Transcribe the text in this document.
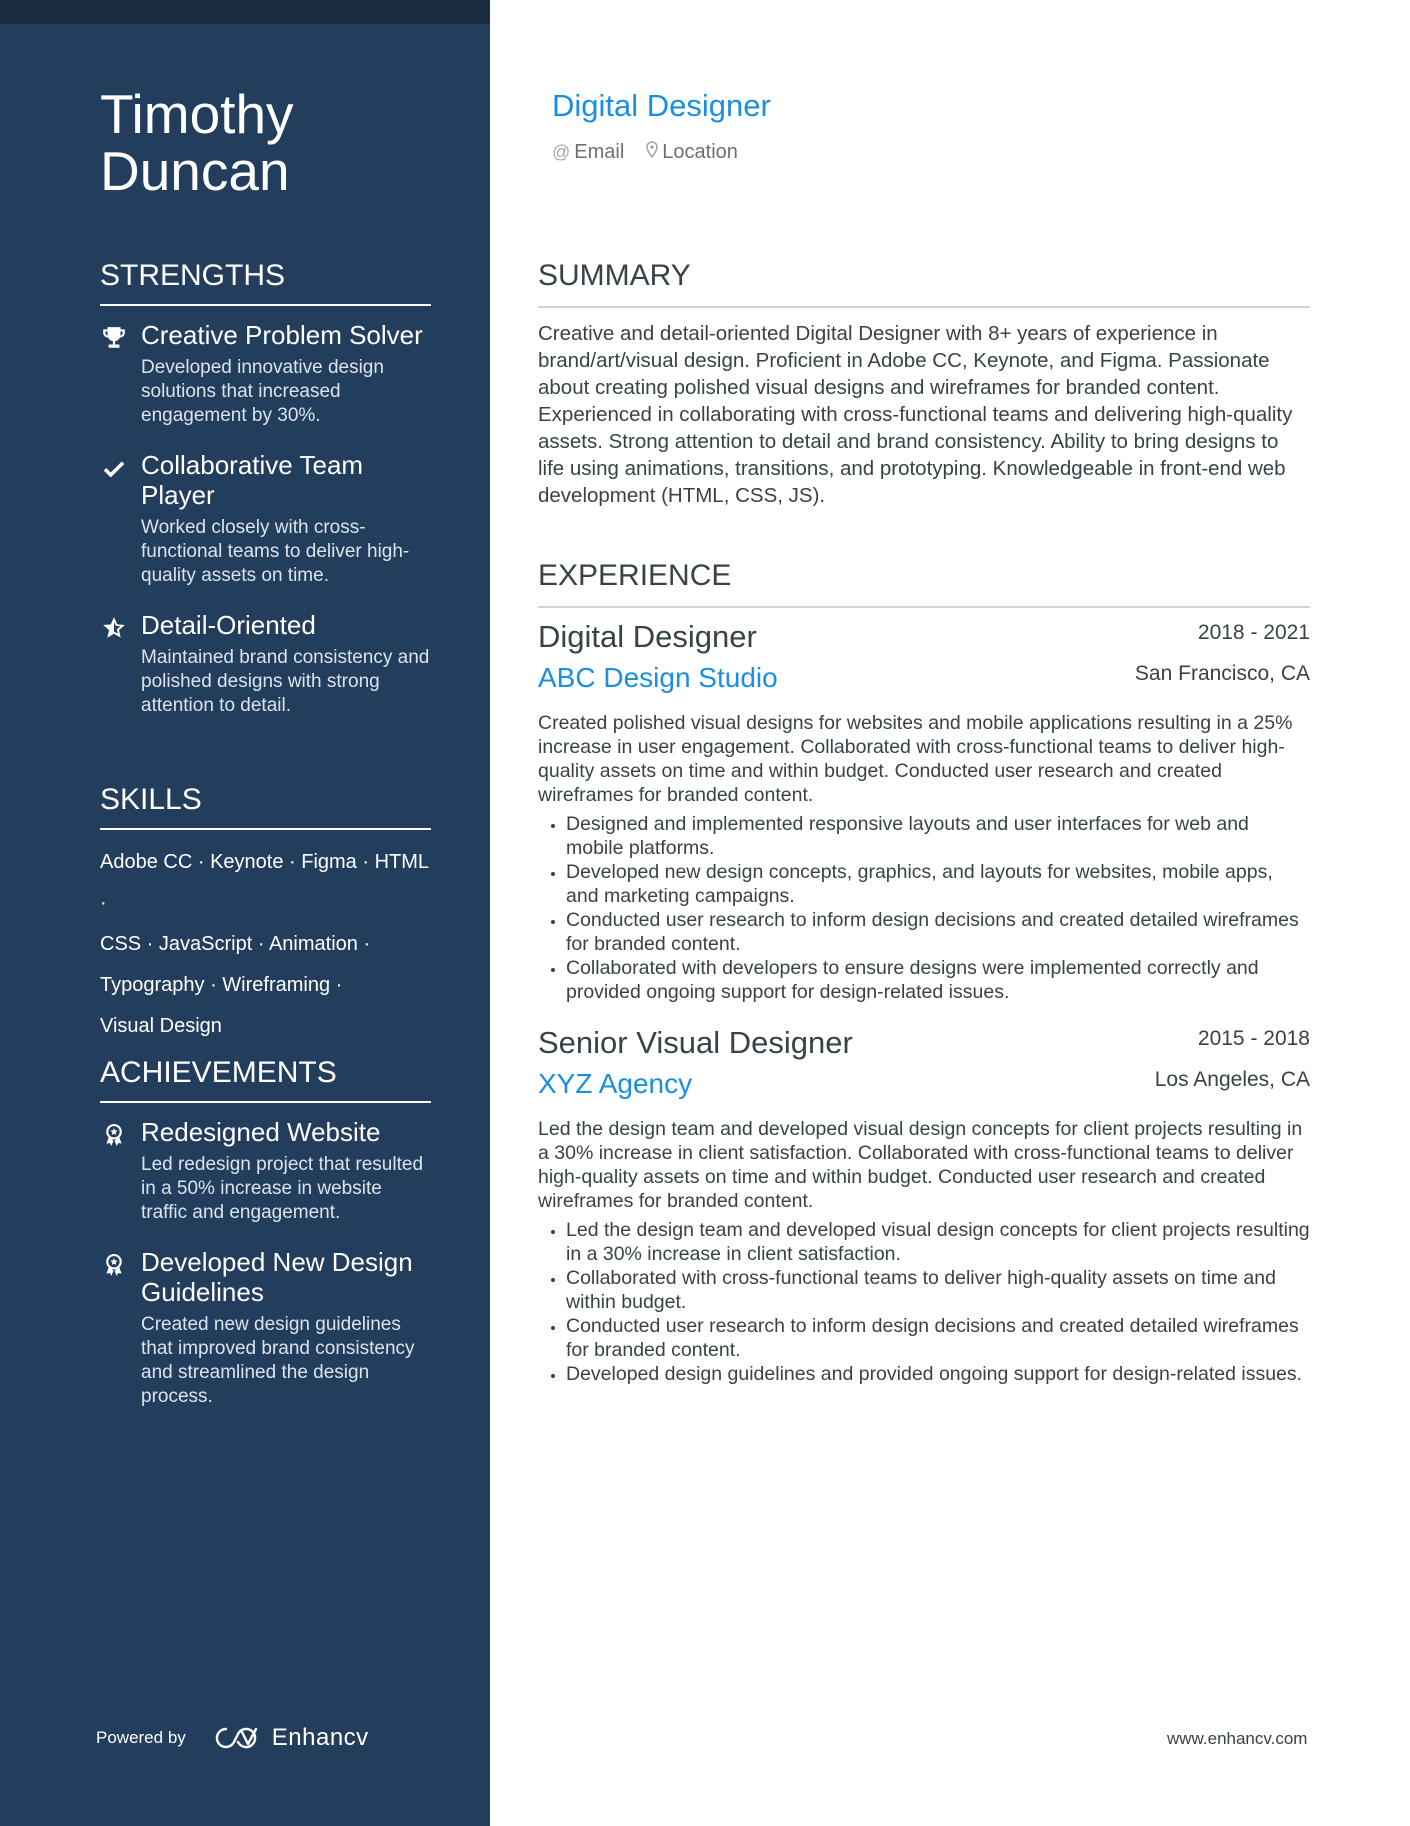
Timothy
Duncan
STRENGTHS
Creative Problem Solver
Developed innovative design solutions that increased engagement by 30%.
Collaborative Team Player
Worked closely with cross-functional teams to deliver high-quality assets on time.
Detail-Oriented
Maintained brand consistency and polished designs with strong attention to detail.
SKILLS
Adobe CC · Keynote · Figma · HTML ·
CSS · JavaScript · Animation ·
Typography · Wireframing ·
Visual Design
ACHIEVEMENTS
Redesigned Website
Led redesign project that resulted in a 50% increase in website traffic and engagement.
Developed New Design Guidelines
Created new design guidelines that improved brand consistency and streamlined the design process.
Powered by	Enhancv
Digital Designer
@ Email Location
SUMMARY
Creative and detail-oriented Digital Designer with 8+ years of experience in brand/art/visual design. Proficient in Adobe CC, Keynote, and Figma. Passionate about creating polished visual designs and wireframes for branded content. Experienced in collaborating with cross-functional teams and delivering high-quality assets. Strong attention to detail and brand consistency. Ability to bring designs to life using animations, transitions, and prototyping. Knowledgeable in front-end web development (HTML, CSS, JS).
EXPERIENCE
Digital Designer	2018 - 2021
ABC Design Studio	San Francisco, CA
Created polished visual designs for websites and mobile applications resulting in a 25% increase in user engagement. Collaborated with cross-functional teams to deliver high-quality assets on time and within budget. Conducted user research and created wireframes for branded content.
• Designed and implemented responsive layouts and user interfaces for web and mobile platforms.
• Developed new design concepts, graphics, and layouts for websites, mobile apps, and marketing campaigns.
• Conducted user research to inform design decisions and created detailed wireframes for branded content.
• Collaborated with developers to ensure designs were implemented correctly and provided ongoing support for design-related issues.
Senior Visual Designer	2015 - 2018
XYZ Agency	Los Angeles, CA
Led the design team and developed visual design concepts for client projects resulting in a 30% increase in client satisfaction. Collaborated with cross-functional teams to deliver high-quality assets on time and within budget. Conducted user research and created wireframes for branded content.
• Led the design team and developed visual design concepts for client projects resulting in a 30% increase in client satisfaction.
• Collaborated with cross-functional teams to deliver high-quality assets on time and within budget.
• Conducted user research to inform design decisions and created detailed wireframes for branded content.
• Developed design guidelines and provided ongoing support for design-related issues.
www.enhancv.com
